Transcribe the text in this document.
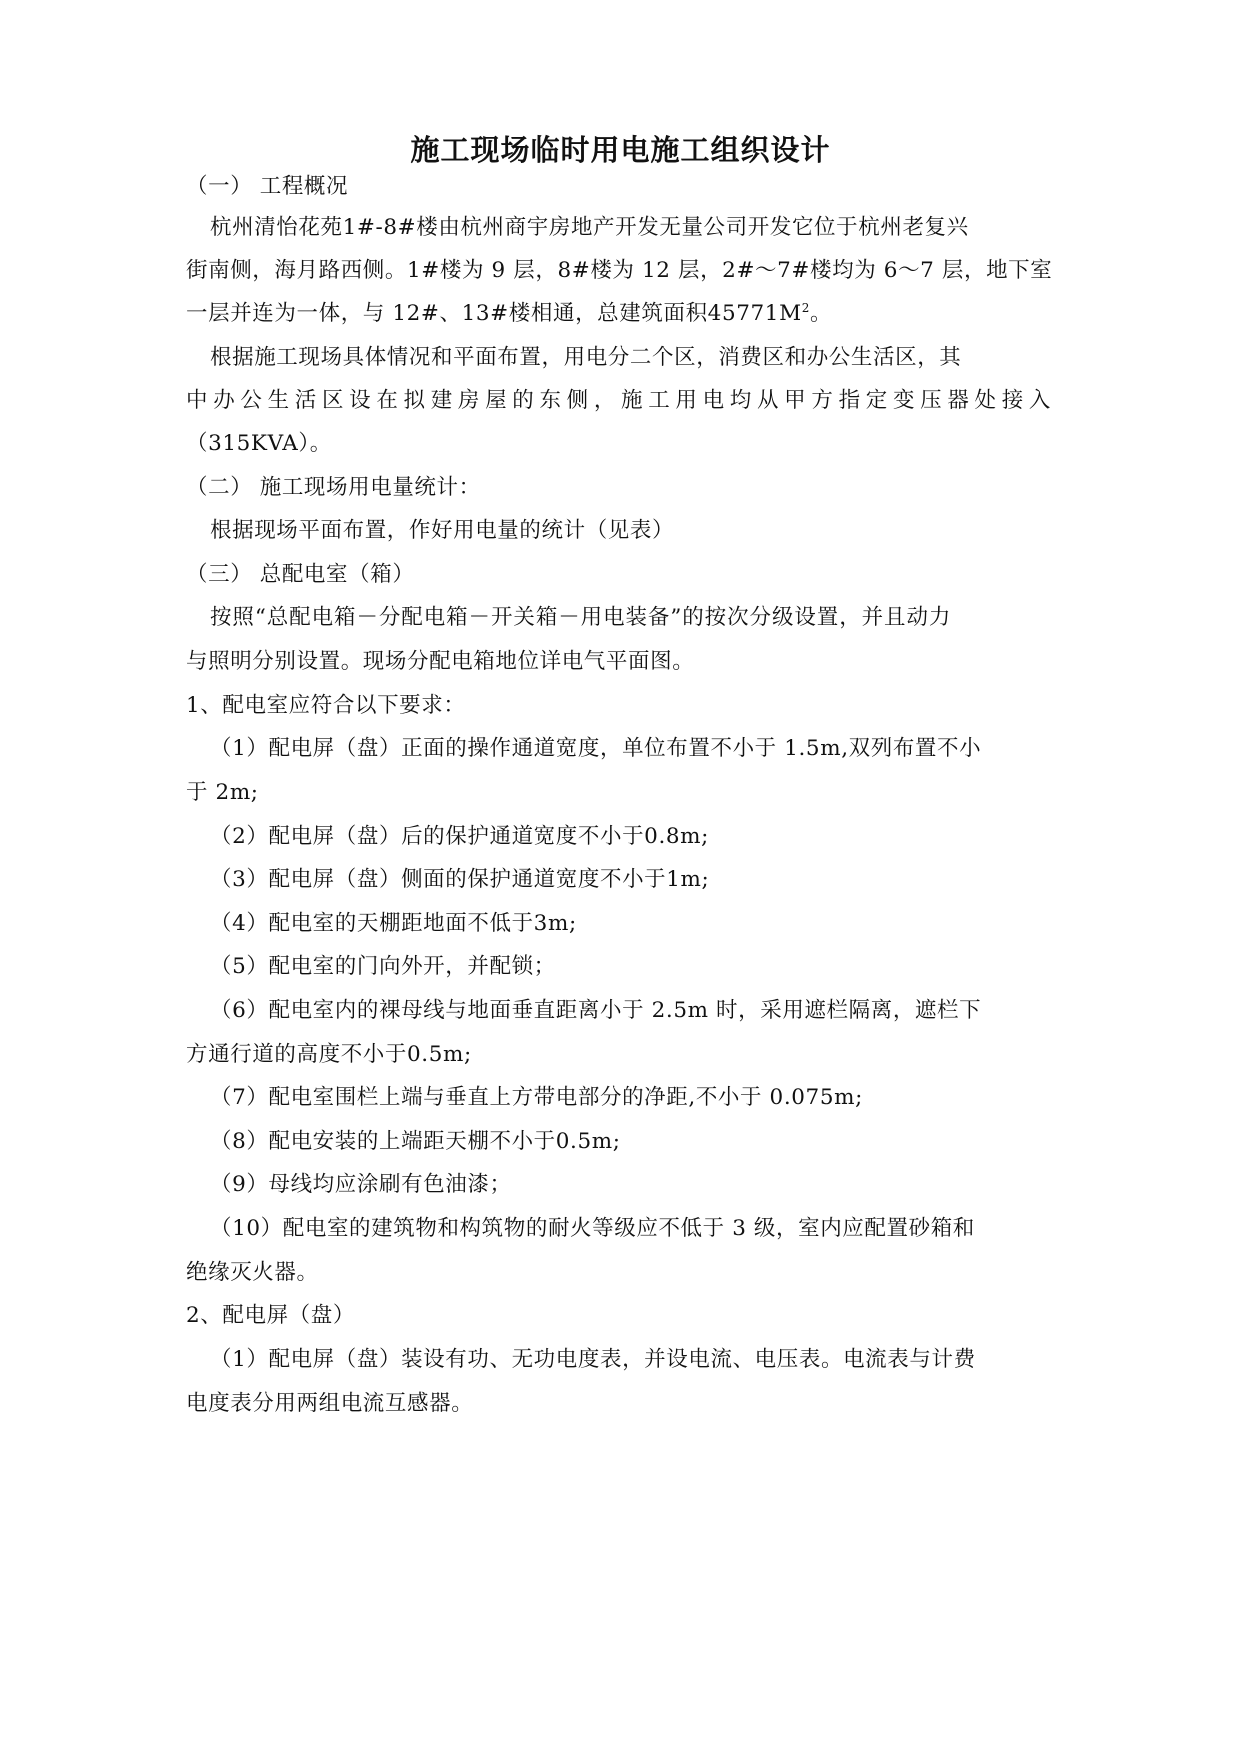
施工现场临时用电施工组织设计
（一） 工程概况
杭州清怡花苑1#-8#楼由杭州商宇房地产开发无量公司开发它位于杭州老复兴
街南侧，海月路西侧。1#楼为 9 层，8#楼为 12 层，2#～7#楼均为 6～7 层，地下室
一层并连为一体，与 12#、13#楼相通，总建筑面积$45771M^2$。
根据施工现场具体情况和平面布置，用电分二个区，消费区和办公生活区，其
中办公生活区设在拟建房屋的东侧，施工用电均从甲方指定变压器处接入
（315KVA）。
（二） 施工现场用电量统计：
根据现场平面布置，作好用电量的统计（见表）
（三） 总配电室（箱）
按照“总配电箱－分配电箱－开关箱－用电装备”的按次分级设置，并且动力
与照明分别设置。现场分配电箱地位详电气平面图。
1、配电室应符合以下要求：
（1）配电屏（盘）正面的操作通道宽度，单位布置不小于 1.5m,双列布置不小
于 2m;
（2）配电屏（盘）后的保护通道宽度不小于0.8m;
（3）配电屏（盘）侧面的保护通道宽度不小于1m;
（4）配电室的天棚距地面不低于3m;
（5）配电室的门向外开，并配锁；
（6）配电室内的裸母线与地面垂直距离小于 2.5m 时，采用遮栏隔离，遮栏下
方通行道的高度不小于0.5m;
（7）配电室围栏上端与垂直上方带电部分的净距,不小于 0.075m;
（8）配电安装的上端距天棚不小于0.5m;
（9）母线均应涂刷有色油漆；
（10）配电室的建筑物和构筑物的耐火等级应不低于 3 级，室内应配置砂箱和
绝缘灭火器。
2、配电屏（盘）
（1）配电屏（盘）装设有功、无功电度表，并设电流、电压表。电流表与计费
电度表分用两组电流互感器。
